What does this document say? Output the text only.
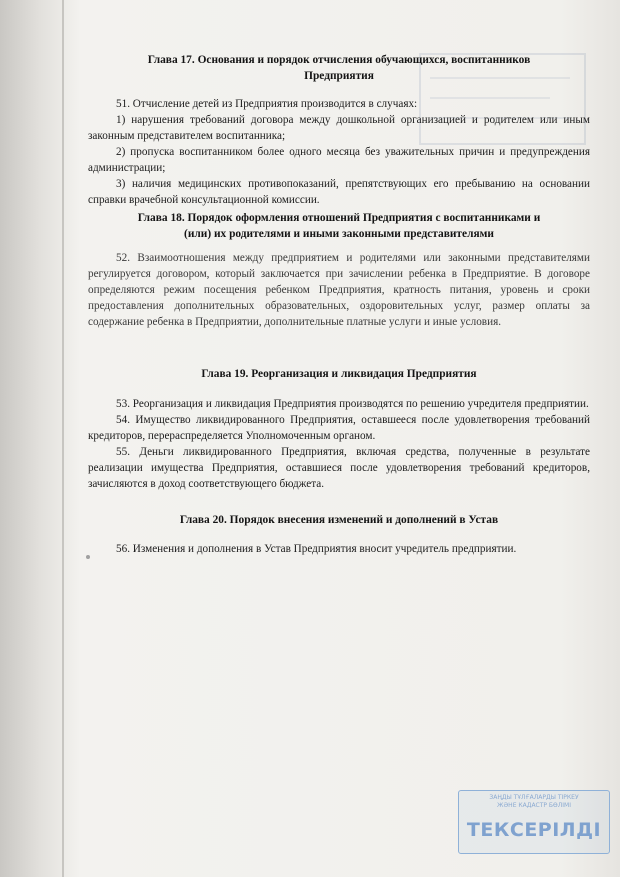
Глава 17. Основания и порядок отчисления обучающихся, воспитанников
Предприятия

51. Отчисление детей из Предприятия производится в случаях:

1) нарушения требований договора между дошкольной организацией и родителем или иным законным представителем воспитанника;

2) пропуска воспитанником более одного месяца без уважительных причин и предупреждения администрации;

3) наличия медицинских противопоказаний, препятствующих его пребыванию на основании справки врачебной консультационной комиссии.

Глава 18. Порядок оформления отношений Предприятия с воспитанниками и
(или) их родителями и иными законными представителями

52. Взаимоотношения между предприятием и родителями или законными представителями регулируется договором, который заключается при зачислении ребенка в Предприятие. В договоре определяются режим посещения ребенком Предприятия, кратность питания, уровень и сроки предоставления дополнительных образовательных, оздоровительных услуг, размер оплаты за содержание ребенка в Предприятии, дополнительные платные услуги и иные условия.

Глава 19. Реорганизация и ликвидация Предприятия

53. Реорганизация и ликвидация Предприятия производятся по решению учредителя предприятии.

54. Имущество ликвидированного Предприятия, оставшееся после удовлетворения требований кредиторов, перераспределяется Уполномоченным органом.

55. Деньги ликвидированного Предприятия, включая средства, полученные в результате реализации имущества Предприятия, оставшиеся после удовлетворения требований кредиторов, зачисляются в доход соответствующего бюджета.

Глава 20. Порядок внесения изменений и дополнений в Устав

56. Изменения и дополнения в Устав Предприятия вносит учредитель предприятии.

ЗАҢДЫ ТҰЛҒАЛАРДЫ ТІРКЕУ
ЖӘНЕ КАДАСТР БӨЛІМІ
ТЕКСЕРІЛДІ
